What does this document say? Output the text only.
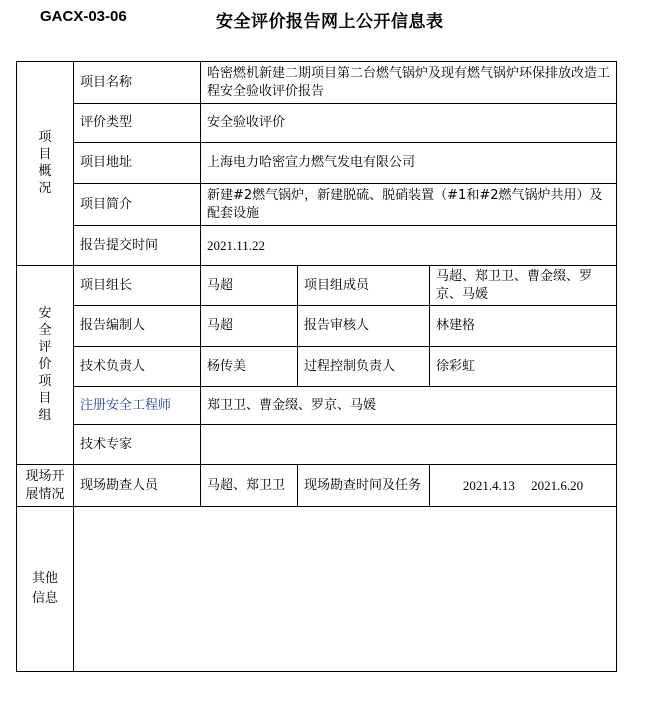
GACX-03-06	安全评价报告网上公开信息表
项目概况	项目名称	哈密燃机新建二期项目第二台燃气锅炉及现有燃气锅炉环保排放改造工程安全验收评价报告		
	评价类型	安全验收评价		
	项目地址	上海电力哈密宣力燃气发电有限公司		
	项目简介	新建#2燃气锅炉，新建脱硫、脱硝装置（#1和#2燃气锅炉共用）及配套设施		
	报告提交时间	2021.11.22		
安全评价项目组	项目组长	马超	项目组成员	马超、郑卫卫、曹金缀、罗京、马媛
	报告编制人	马超	报告审核人	林建格
	技术负责人	杨传美	过程控制负责人	徐彩虹
	注册安全工程师	郑卫卫、曹金缀、罗京、马媛		
	技术专家			
现场开展情况	现场勘查人员	马超、郑卫卫	现场勘查时间及任务	2021.4.13　 2021.6.20
其他信息				
